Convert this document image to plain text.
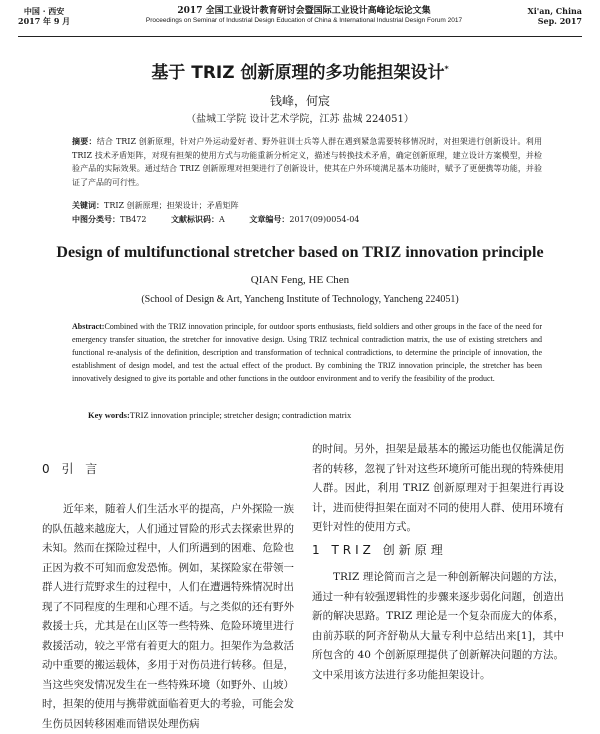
中国 · 西安
2017 年 9 月
2017 全国工业设计教育研讨会暨国际工业设计高峰论坛论文集
Proceedings on Seminar of Industrial Design Education of China & International Industrial Design Forum 2017
Xi'an, China
Sep. 2017
基于 TRIZ 创新原理的多功能担架设计*
钱峰，何宸
（盐城工学院 设计艺术学院，江苏 盐城 224051）
摘要：结合 TRIZ 创新原理，针对户外运动爱好者、野外驻训士兵等人群在遇到紧急需要转移情况时，对担架进行创新设计。利用 TRIZ 技术矛盾矩阵，对现有担架的使用方式与功能重新分析定义，描述与转换技术矛盾，确定创新原理，建立设计方案模型，并检验产品的实际效果。通过结合 TRIZ 创新原理对担架进行了创新设计，使其在户外环境满足基本功能时，赋予了更便携等功能，并验证了产品的可行性。
关键词：TRIZ 创新原理；担架设计；矛盾矩阵
中图分类号：TB472	文献标识码：A	文章编号：2017(09)0054-04
Design of multifunctional stretcher based on TRIZ innovation principle
QIAN Feng, HE Chen
(School of Design & Art, Yancheng Institute of Technology, Yancheng 224051)
Abstract:Combined with the TRIZ innovation principle, for outdoor sports enthusiasts, field soldiers and other groups in the face of the need for emergency transfer situation, the stretcher for innovative design. Using TRIZ technical contradiction matrix, the use of existing stretchers and functional re-analysis of the definition, description and transformation of technical contradictions, to determine the principle of innovation, the establishment of design model, and test the actual effect of the product. By combining the TRIZ innovation principle, the stretcher has been innovatively designed to give its portable and other functions in the outdoor environment and to verify the feasibility of the product.
Key words:TRIZ innovation principle; stretcher design; contradiction matrix
0 引 言

近年来，随着人们生活水平的提高，户外探险一族的队伍越来越庞大，人们通过冒险的形式去探索世界的未知。然而在探险过程中，人们所遇到的困难、危险也正因为救不可知而愈发恐怖。例如，某探险家在带领一群人进行荒野求生的过程中，人们在遭遇特殊情况时出现了不同程度的生理和心理不适。与之类似的还有野外救援士兵，尤其是在山区等一些特殊、危险环境里进行救援活动，较之平常有着更大的阻力。担架作为急救活动中重要的搬运载体，多用于对伤员进行转移。但是，当这些突发情况发生在一些特殊环境（如野外、山坡）时，担架的使用与携带就面临着更大的考验，可能会发生伤员因转移困难而错误处理伤病

的时间。另外，担架是最基本的搬运功能也仅能满足伤者的转移，忽视了针对这些环境所可能出现的特殊使用人群。因此，利用 TRIZ 创新原理对于担架进行再设计，进而使得担架在面对不同的使用人群、使用环境有更针对性的使用方式。

1 TRIZ 创新原理

TRIZ 理论简而言之是一种创新解决问题的方法，通过一种有较强逻辑性的步骤来逐步弱化问题，创造出新的解决思路。TRIZ 理论是一个复杂而庞大的体系，由前苏联的阿齐舒勒从大量专利中总结出来[1]，其中所包含的 40 个创新原理提供了创新解决问题的方法。文中采用该方法进行多功能担架设计。
